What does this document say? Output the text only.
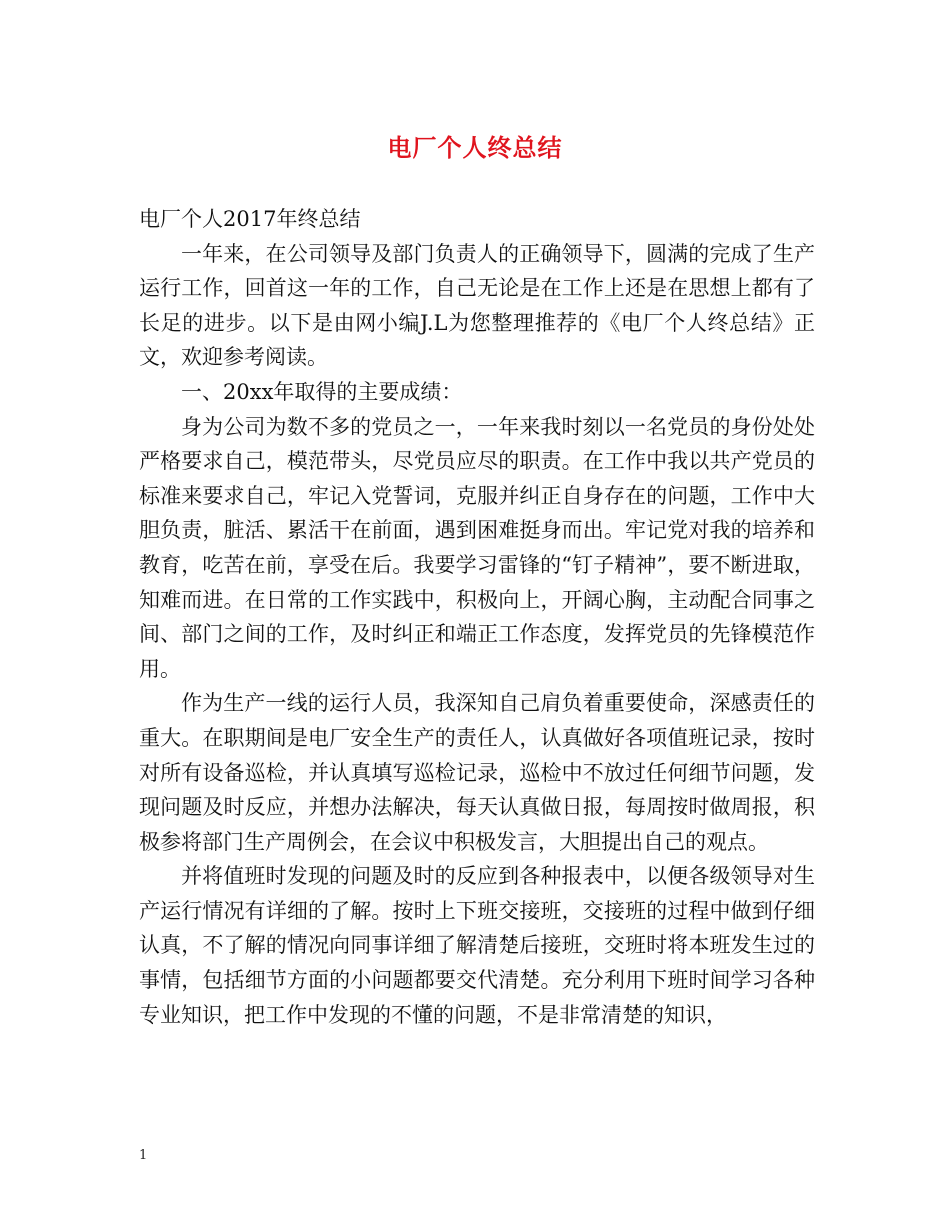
电厂个人终总结

电厂个人2017年终总结

一年来，在公司领导及部门负责人的正确领导下，圆满的完成了生产运行工作，回首这一年的工作，自己无论是在工作上还是在思想上都有了长足的进步。以下是由网小编J.L为您整理推荐的《电厂个人终总结》正文，欢迎参考阅读。

一、20xx年取得的主要成绩：

身为公司为数不多的党员之一，一年来我时刻以一名党员的身份处处严格要求自己，模范带头，尽党员应尽的职责。在工作中我以共产党员的标准来要求自己，牢记入党誓词，克服并纠正自身存在的问题，工作中大胆负责，脏活、累活干在前面，遇到困难挺身而出。牢记党对我的培养和教育，吃苦在前，享受在后。我要学习雷锋的“钉子精神”，要不断进取，知难而进。在日常的工作实践中，积极向上，开阔心胸，主动配合同事之间、部门之间的工作，及时纠正和端正工作态度，发挥党员的先锋模范作用。

作为生产一线的运行人员，我深知自己肩负着重要使命，深感责任的重大。在职期间是电厂安全生产的责任人，认真做好各项值班记录，按时对所有设备巡检，并认真填写巡检记录，巡检中不放过任何细节问题，发现问题及时反应，并想办法解决，每天认真做日报，每周按时做周报，积极参将部门生产周例会，在会议中积极发言，大胆提出自己的观点。

并将值班时发现的问题及时的反应到各种报表中，以便各级领导对生产运行情况有详细的了解。按时上下班交接班，交接班的过程中做到仔细认真，不了解的情况向同事详细了解清楚后接班，交班时将本班发生过的事情，包括细节方面的小问题都要交代清楚。充分利用下班时间学习各种专业知识，把工作中发现的不懂的问题，不是非常清楚的知识，

1
